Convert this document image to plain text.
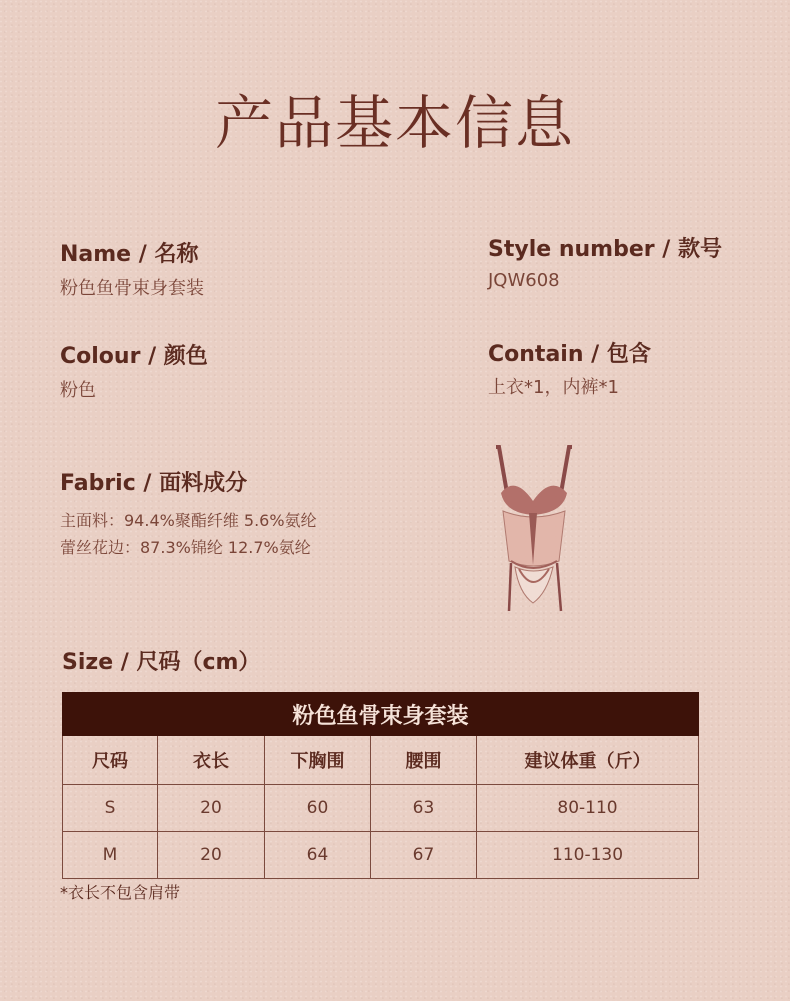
产品基本信息
Name / 名称
粉色鱼骨束身套装
Style number / 款号
JQW608
Colour / 颜色
粉色
Contain / 包含
上衣*1，内裤*1
Fabric / 面料成分
主面料：94.4%聚酯纤维 5.6%氨纶
蕾丝花边：87.3%锦纶 12.7%氨纶
Size / 尺码（cm）
粉色鱼骨束身套装				
尺码	衣长	下胸围	腰围	建议体重（斤）
S	20	60	63	80-110
M	20	64	67	110-130
*衣长不包含肩带
